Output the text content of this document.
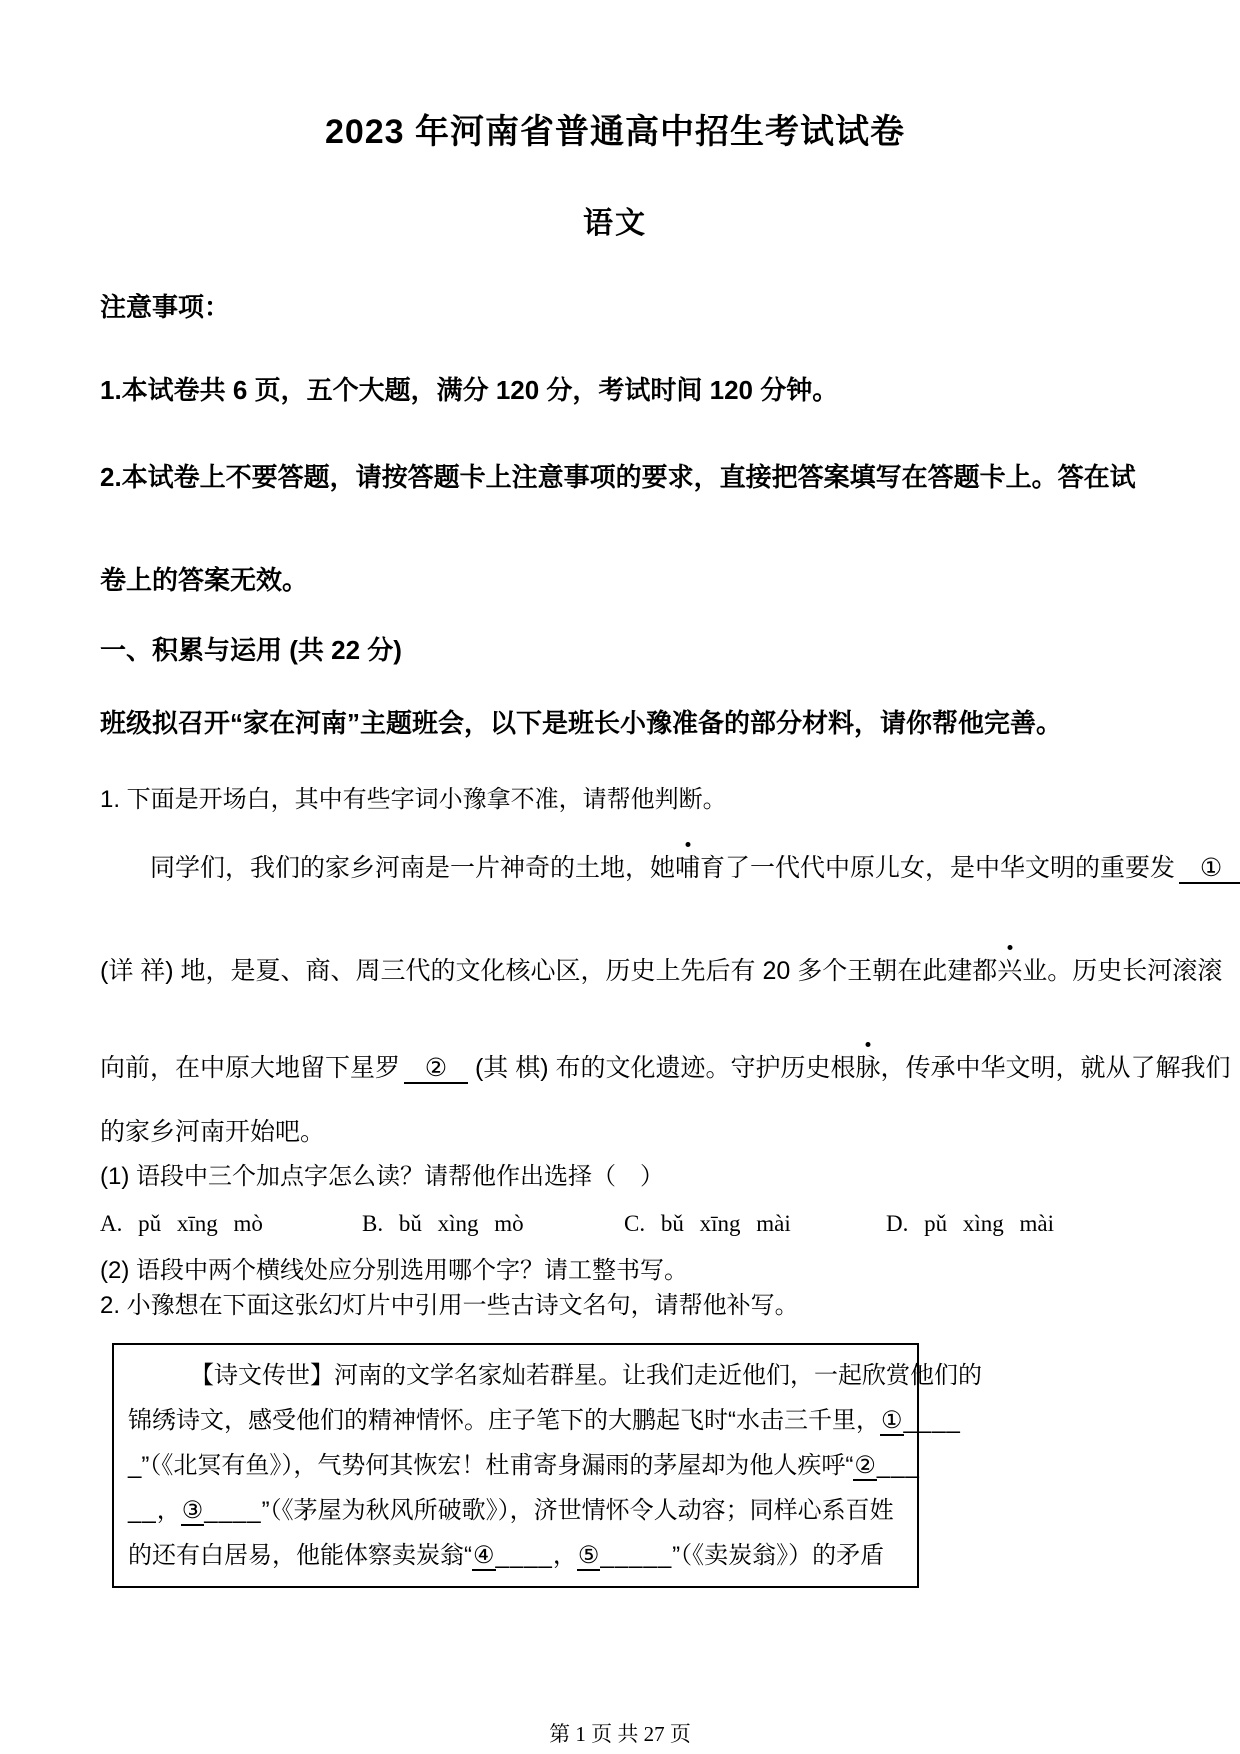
2023 年河南省普通高中招生考试试卷
语文

注意事项：

1.本试卷共 6 页，五个大题，满分 120 分，考试时间 120 分钟。

2.本试卷上不要答题，请按答题卡上注意事项的要求，直接把答案填写在答题卡上。答在试

卷上的答案无效。

一、积累与运用 (共 22 分)

班级拟召开“家在河南”主题班会，以下是班长小豫准备的部分材料，请你帮他完善。

1. 下面是开场白，其中有些字词小豫拿不准，请帮他判断。

同学们，我们的家乡河南是一片神奇的土地，她哺育了一代代中原儿女，是中华文明的重要发 ①

(详 祥) 地，是夏、商、周三代的文化核心区，历史上先后有 20 多个王朝在此建都兴业。历史长河滚滚

向前，在中原大地留下星罗 ② (其 棋) 布的文化遗迹。守护历史根脉，传承中华文明，就从了解我们

的家乡河南开始吧。

(1) 语段中三个加点字怎么读？请帮他作出选择（　）

A. pǔ xīng mò	B. bǔ xìng mò	C. bǔ xīng mài	D. pǔ xìng mài

(2) 语段中两个横线处应分别选用哪个字？请工整书写。

2. 小豫想在下面这张幻灯片中引用一些古诗文名句，请帮他补写。

【诗文传世】河南的文学名家灿若群星。让我们走近他们，一起欣赏他们的

锦绣诗文，感受他们的精神情怀。庄子笔下的大鹏起飞时“水击三千里，①____

_”（《北冥有鱼》），气势何其恢宏！杜甫寄身漏雨的茅屋却为他人疾呼“②___

__，③____”（《茅屋为秋风所破歌》），济世情怀令人动容；同样心系百姓

的还有白居易，他能体察卖炭翁“④____，⑤_____”（《卖炭翁》）的矛盾

第 1 页 共 27 页
